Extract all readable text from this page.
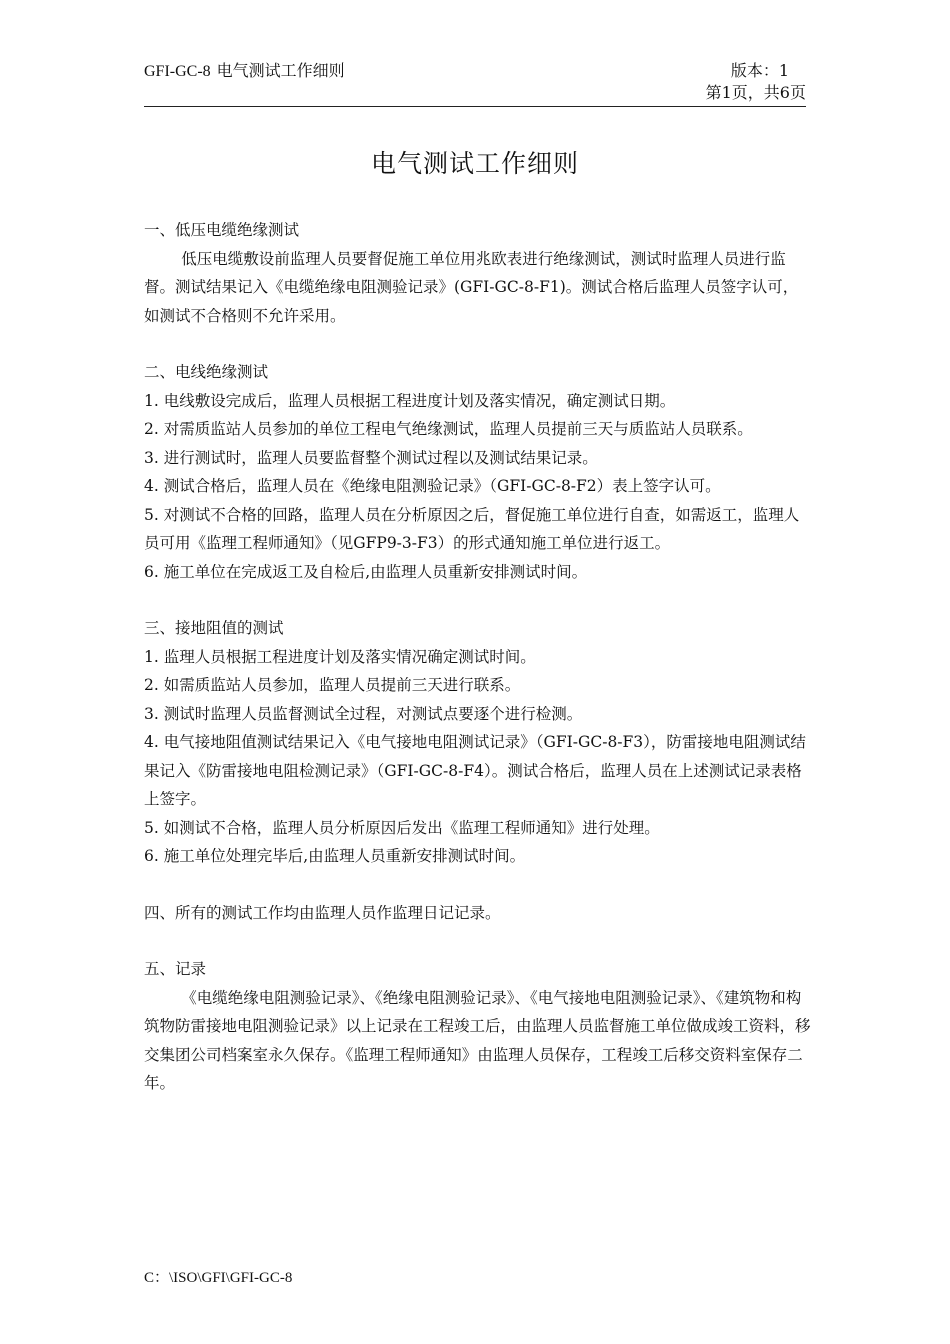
GFI-GC-8 电气测试工作细则	版本：1
第1页，共6页
电气测试工作细则

一、低压电缆绝缘测试

低压电缆敷设前监理人员要督促施工单位用兆欧表进行绝缘测试，测试时监理人员进行监督。测试结果记入《电缆绝缘电阻测验记录》(GFI-GC-8-F1)。测试合格后监理人员签字认可，如测试不合格则不允许采用。

二、电线绝缘测试

1. 电线敷设完成后，监理人员根据工程进度计划及落实情况，确定测试日期。

2. 对需质监站人员参加的单位工程电气绝缘测试，监理人员提前三天与质监站人员联系。

3. 进行测试时，监理人员要监督整个测试过程以及测试结果记录。

4. 测试合格后，监理人员在《绝缘电阻测验记录》（GFI-GC-8-F2）表上签字认可。

5. 对测试不合格的回路，监理人员在分析原因之后，督促施工单位进行自查，如需返工，监理人员可用《监理工程师通知》（见GFP9-3-F3）的形式通知施工单位进行返工。

6. 施工单位在完成返工及自检后,由监理人员重新安排测试时间。

三、接地阻值的测试

1. 监理人员根据工程进度计划及落实情况确定测试时间。

2. 如需质监站人员参加，监理人员提前三天进行联系。

3. 测试时监理人员监督测试全过程，对测试点要逐个进行检测。

4. 电气接地阻值测试结果记入《电气接地电阻测试记录》（GFI-GC-8-F3），防雷接地电阻测试结果记入《防雷接地电阻检测记录》（GFI-GC-8-F4）。测试合格后，监理人员在上述测试记录表格上签字。

5. 如测试不合格，监理人员分析原因后发出《监理工程师通知》进行处理。

6. 施工单位处理完毕后,由监理人员重新安排测试时间。

四、所有的测试工作均由监理人员作监理日记记录。

五、记录

《电缆绝缘电阻测验记录》、《绝缘电阻测验记录》、《电气接地电阻测验记录》、《建筑物和构筑物防雷接地电阻测验记录》以上记录在工程竣工后，由监理人员监督施工单位做成竣工资料，移交集团公司档案室永久保存。《监理工程师通知》由监理人员保存，工程竣工后移交资料室保存二年。

C：\ISO\GFI\GFI-GC-8
